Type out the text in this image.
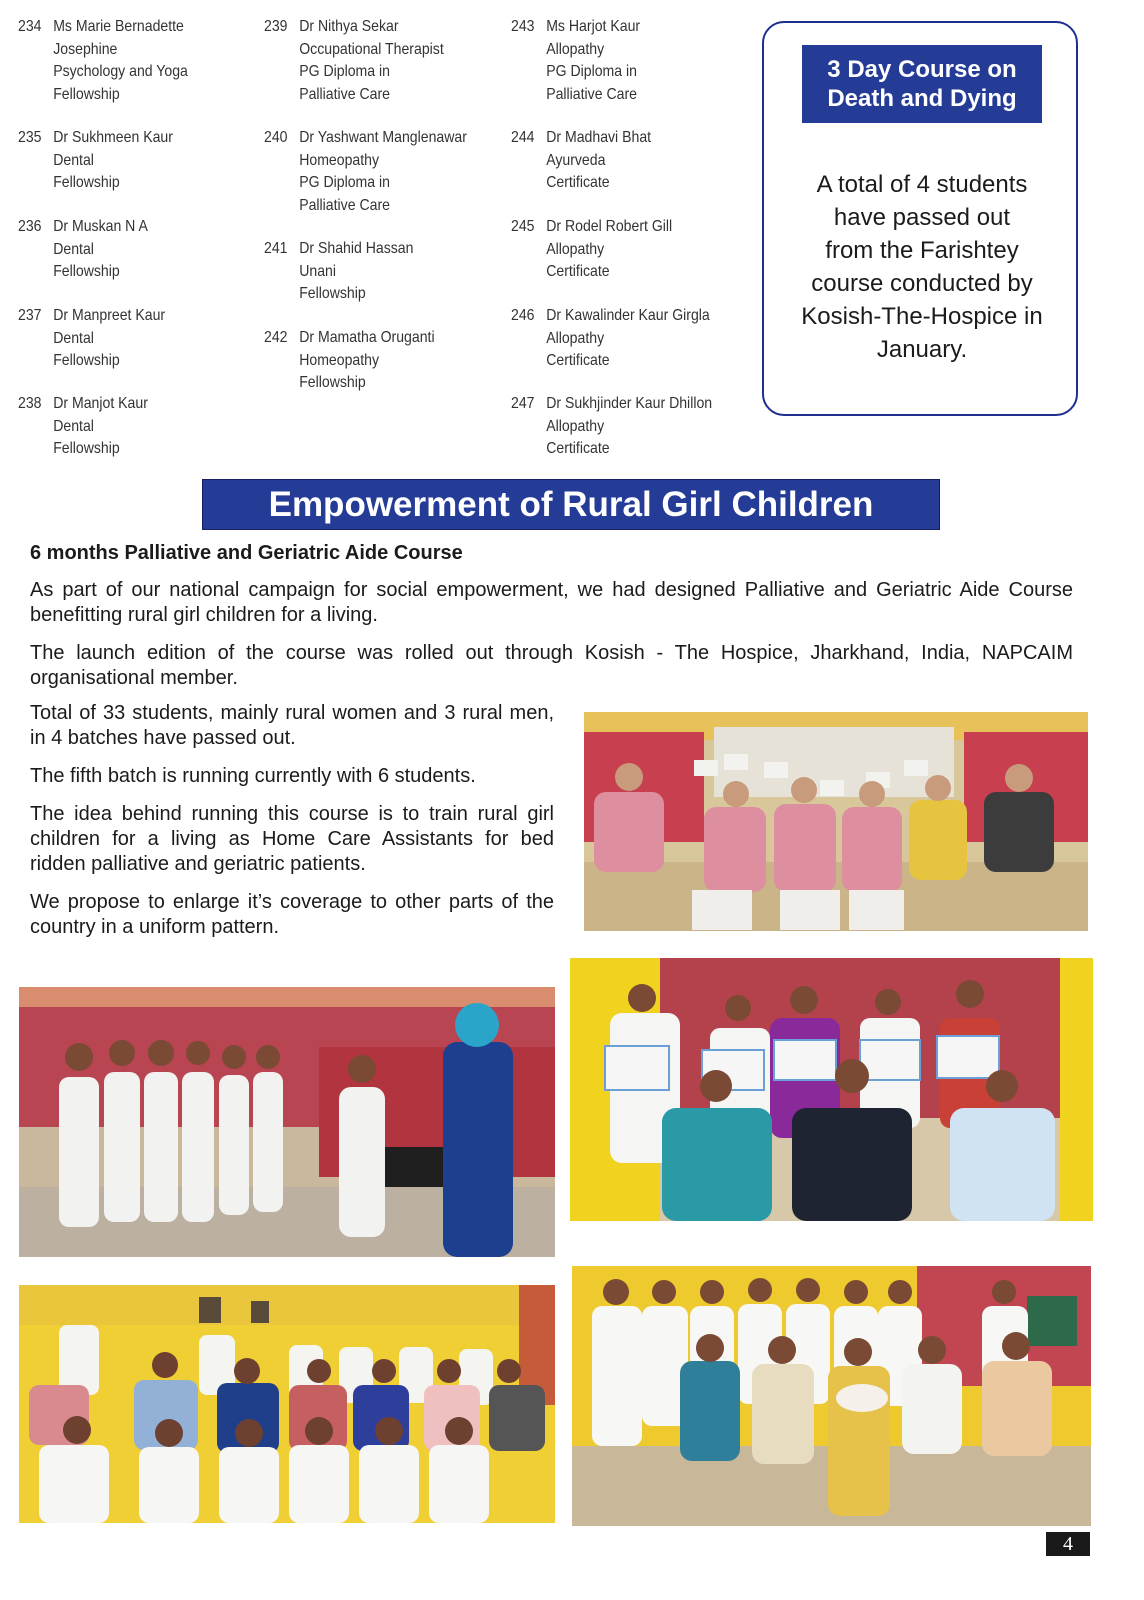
234 Ms Marie Bernadette
Josephine
Psychology and Yoga
Fellowship
235 Dr Sukhmeen Kaur
Dental
Fellowship
236 Dr Muskan N A
Dental
Fellowship
237 Dr Manpreet Kaur
Dental
Fellowship
238 Dr Manjot Kaur
Dental
Fellowship
239 Dr Nithya Sekar
Occupational Therapist
PG Diploma in
Palliative Care
240 Dr Yashwant Manglenawar
Homeopathy
PG Diploma in
Palliative Care
241 Dr Shahid Hassan
Unani
Fellowship
242 Dr Mamatha Oruganti
Homeopathy
Fellowship
243 Ms Harjot Kaur
Allopathy
PG Diploma in
Palliative Care
244 Dr Madhavi Bhat
Ayurveda
Certificate
245 Dr Rodel Robert Gill
Allopathy
Certificate
246 Dr Kawalinder Kaur Girgla
Allopathy
Certificate
247 Dr Sukhjinder Kaur Dhillon
Allopathy
Certificate
3 Day Course on
Death and Dying
A total of 4 students
have passed out
from the Farishtey
course conducted by
Kosish-The-Hospice in
January.
Empowerment of Rural Girl Children
6 months Palliative and Geriatric Aide Course
As part of our national campaign for social empowerment, we had designed Palliative and Geriatric Aide Course benefitting rural girl children for a living.
The launch edition of the course was rolled out through Kosish - The Hospice, Jharkhand, India, NAPCAIM organisational member.
Total of 33 students, mainly rural women and 3 rural men, in 4 batches have passed out.
The fifth batch is running currently with 6 students.
The idea behind running this course is to train rural girl children for a living as Home Care Assistants for bed ridden palliative and geriatric patients.
We propose to enlarge it’s coverage to other parts of the country in a uniform pattern.
4
